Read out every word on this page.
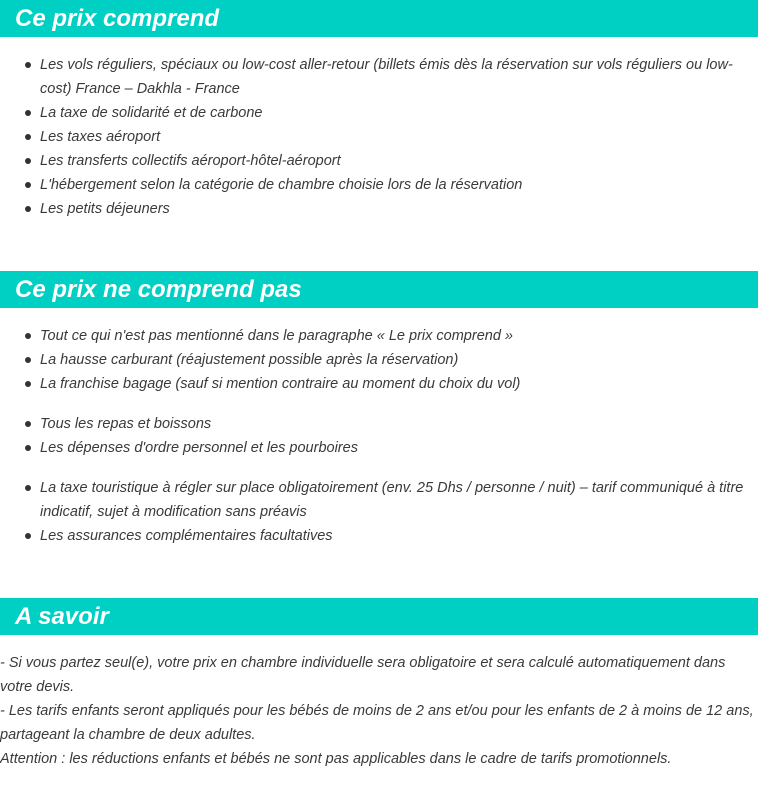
Ce prix comprend
Les vols réguliers, spéciaux ou low-cost aller-retour (billets émis dès la réservation sur vols réguliers ou low-cost) France – Dakhla - France
La taxe de solidarité et de carbone
Les taxes aéroport
Les transferts collectifs aéroport-hôtel-aéroport
L'hébergement selon la catégorie de chambre choisie lors de la réservation
Les petits déjeuners
Ce prix ne comprend pas
Tout ce qui n'est pas mentionné dans le paragraphe « Le prix comprend »
La hausse carburant (réajustement possible après la réservation)
La franchise bagage (sauf si mention contraire au moment du choix du vol)
Tous les repas et boissons
Les dépenses d'ordre personnel et les pourboires
La taxe touristique à régler sur place obligatoirement (env. 25 Dhs / personne / nuit) – tarif communiqué à titre indicatif, sujet à modification sans préavis
Les assurances complémentaires facultatives
A savoir
- Si vous partez seul(e), votre prix en chambre individuelle sera obligatoire et sera calculé automatiquement dans votre devis.
- Les tarifs enfants seront appliqués pour les bébés de moins de 2 ans et/ou pour les enfants de 2 à moins de 12 ans, partageant la chambre de deux adultes.
Attention : les réductions enfants et bébés ne sont pas applicables dans le cadre de tarifs promotionnels.
